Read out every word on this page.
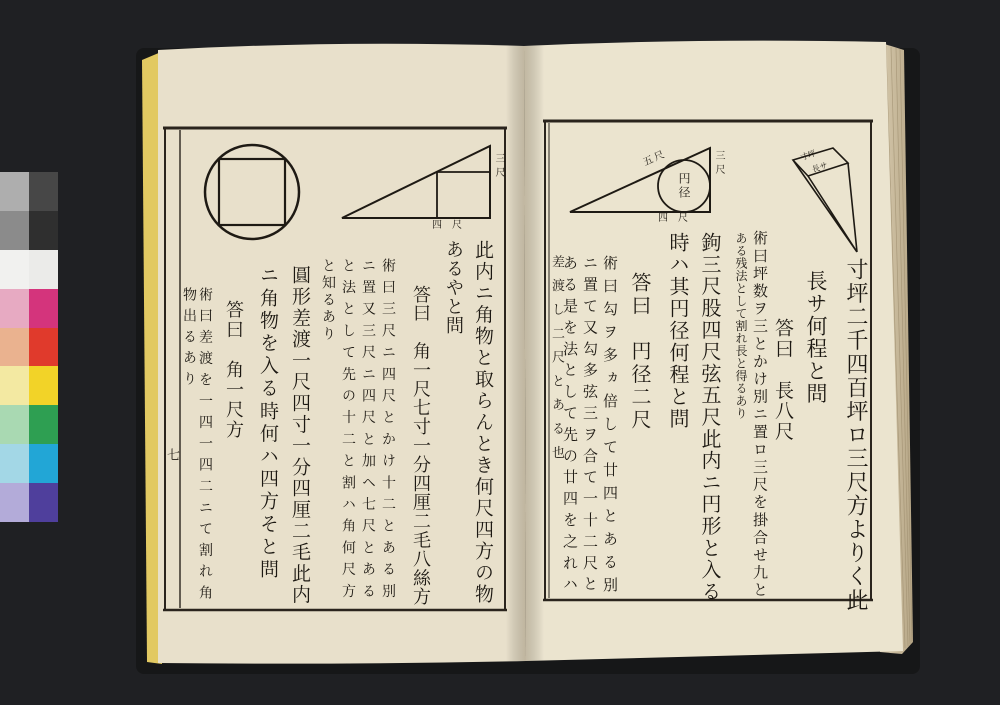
寸坪二千四百坪ロ三尺方よりく此
長サ何程と問
答曰　長八尺
術曰坪数ヲ三とかけ別ニ置ロ三尺を掛合せ九と
ある残法として割れ長と得るあり
鉤三尺股四尺弦五尺此内ニ円形と入る
時ハ其円径何程と問
答曰　円径二尺
術曰勾ヲ多ヵ倍して廿四とある別
ニ置て又勾多弦三ヲ合て一十二尺と
ある是を法として先の廿四を之れハ
差渡し二尺とある也
寸坪
長サ
三尺
四尺
五尺
円径
此内ニ角物と取らんとき何尺四方の物
あるやと問
答曰　角一尺七寸一分四厘二毛八絲方
術曰三尺ニ四尺とかけ十二とある別
ニ置又三尺ニ四尺と加ヘ七尺とある
と法として先の十二と割ハ角何尺方
と知るあり
圓形差渡一尺四寸一分四厘二毛此内
ニ角物を入る時何ハ四方そと問
答曰　角一尺方
術曰差渡を一四一四二ニて割れ角
物出るあり
七
三尺
四尺
